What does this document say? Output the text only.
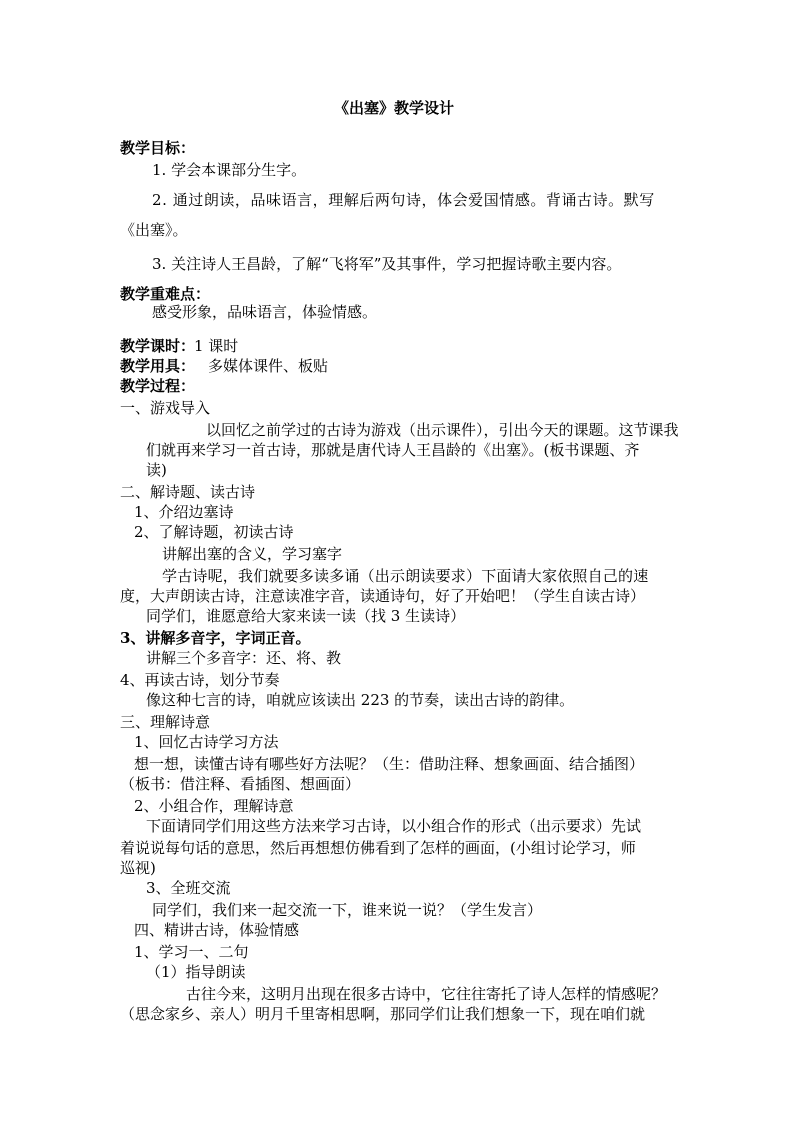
《出塞》教学设计
教学目标：
1. 学会本课部分生字。
2. 通过朗读，品味语言，理解后两句诗，体会爱国情感。背诵古诗。默写
《出塞》。
3. 关注诗人王昌龄，了解“飞将军”及其事件，学习把握诗歌主要内容。
教学重难点：
感受形象，品味语言，体验情感。
教学课时：
1 课时
教学用具： 多媒体课件、板贴
教学过程：
一、游戏导入
以回忆之前学过的古诗为游戏（出示课件），引出今天的课题。这节课我
们就再来学习一首古诗，那就是唐代诗人王昌龄的《出塞》。(板书课题、齐
读)
二、解诗题、读古诗
1、介绍边塞诗
2、了解诗题，初读古诗
讲解出塞的含义，学习塞字
学古诗呢，我们就要多读多诵（出示朗读要求）下面请大家依照自己的速
度，大声朗读古诗，注意读准字音，读通诗句，好了开始吧！（学生自读古诗）
同学们，谁愿意给大家来读一读（找 3 生读诗）
3、讲解多音字，字词正音。
讲解三个多音字：还、将、教
4、再读古诗，划分节奏
像这种七言的诗，咱就应该读出 223 的节奏，读出古诗的韵律。
三、理解诗意
1、回忆古诗学习方法
想一想，读懂古诗有哪些好方法呢？（生：借助注释、想象画面、结合插图）
（板书：借注释、看插图、想画面）
2、小组合作，理解诗意
下面请同学们用这些方法来学习古诗，以小组合作的形式（出示要求）先试
着说说每句话的意思，然后再想想仿佛看到了怎样的画面，(小组讨论学习，师
巡视)
3、全班交流
同学们，我们来一起交流一下，谁来说一说？（学生发言）
四、精讲古诗，体验情感
1、学习一、二句
（1）指导朗读
古往今来，这明月出现在很多古诗中，它往往寄托了诗人怎样的情感呢？
（思念家乡、亲人）明月千里寄相思啊，那同学们让我们想象一下，现在咱们就
